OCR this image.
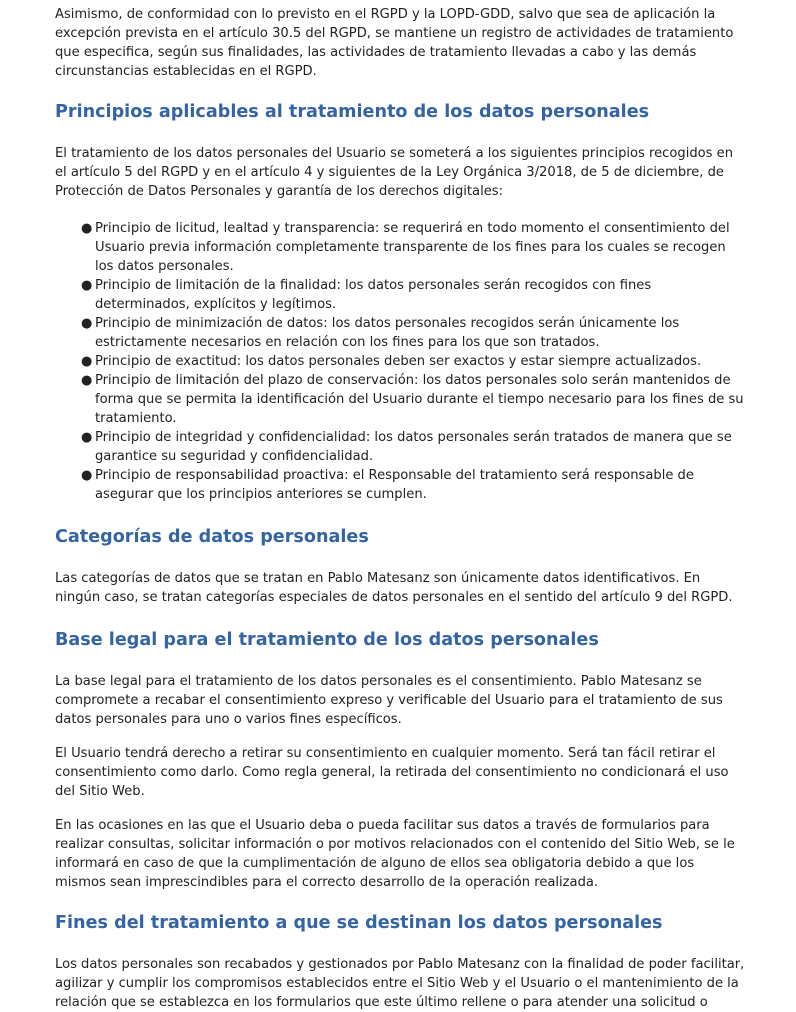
Asimismo, de conformidad con lo previsto en el RGPD y la LOPD-GDD, salvo que sea de aplicación la excepción prevista en el artículo 30.5 del RGPD, se mantiene un registro de actividades de tratamiento que especifica, según sus finalidades, las actividades de tratamiento llevadas a cabo y las demás circunstancias establecidas en el RGPD.

Principios aplicables al tratamiento de los datos personales

El tratamiento de los datos personales del Usuario se someterá a los siguientes principios recogidos en el artículo 5 del RGPD y en el artículo 4 y siguientes de la Ley Orgánica 3/2018, de 5 de diciembre, de Protección de Datos Personales y garantía de los derechos digitales:

● Principio de licitud, lealtad y transparencia: se requerirá en todo momento el consentimiento del Usuario previa información completamente transparente de los fines para los cuales se recogen los datos personales.
● Principio de limitación de la finalidad: los datos personales serán recogidos con fines determinados, explícitos y legítimos.
● Principio de minimización de datos: los datos personales recogidos serán únicamente los estrictamente necesarios en relación con los fines para los que son tratados.
● Principio de exactitud: los datos personales deben ser exactos y estar siempre actualizados.
● Principio de limitación del plazo de conservación: los datos personales solo serán mantenidos de forma que se permita la identificación del Usuario durante el tiempo necesario para los fines de su tratamiento.
● Principio de integridad y confidencialidad: los datos personales serán tratados de manera que se garantice su seguridad y confidencialidad.
● Principio de responsabilidad proactiva: el Responsable del tratamiento será responsable de asegurar que los principios anteriores se cumplen.
Categorías de datos personales

Las categorías de datos que se tratan en Pablo Matesanz son únicamente datos identificativos. En ningún caso, se tratan categorías especiales de datos personales en el sentido del artículo 9 del RGPD.

Base legal para el tratamiento de los datos personales

La base legal para el tratamiento de los datos personales es el consentimiento. Pablo Matesanz se compromete a recabar el consentimiento expreso y verificable del Usuario para el tratamiento de sus datos personales para uno o varios fines específicos.

El Usuario tendrá derecho a retirar su consentimiento en cualquier momento. Será tan fácil retirar el consentimiento como darlo. Como regla general, la retirada del consentimiento no condicionará el uso del Sitio Web.

En las ocasiones en las que el Usuario deba o pueda facilitar sus datos a través de formularios para realizar consultas, solicitar información o por motivos relacionados con el contenido del Sitio Web, se le informará en caso de que la cumplimentación de alguno de ellos sea obligatoria debido a que los mismos sean imprescindibles para el correcto desarrollo de la operación realizada.

Fines del tratamiento a que se destinan los datos personales

Los datos personales son recabados y gestionados por Pablo Matesanz con la finalidad de poder facilitar, agilizar y cumplir los compromisos establecidos entre el Sitio Web y el Usuario o el mantenimiento de la relación que se establezca en los formularios que este último rellene o para atender una solicitud o
